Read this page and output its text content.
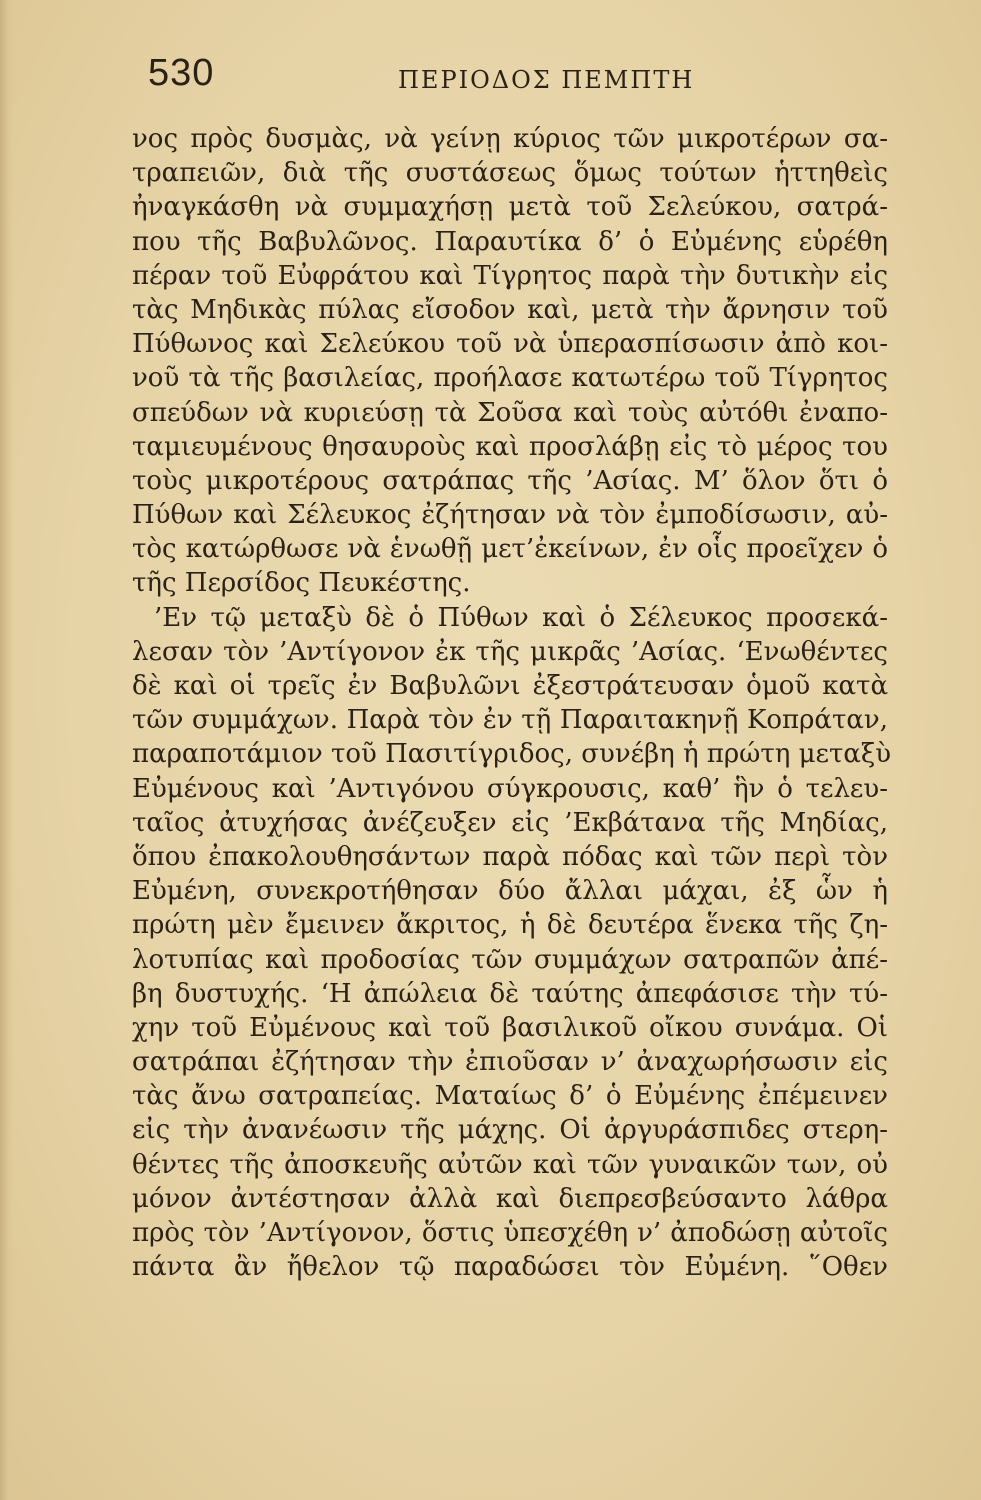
530	ΠΕΡΙΟΔΟΣ ΠΕΜΠΤΗ
νος πρὸς δυσμὰς, νὰ γείνῃ κύριος τῶν μικροτέρων σα-
τραπειῶν, διὰ τῆς συστάσεως ὅμως τούτων ἡττηθεὶς
ἠναγκάσθη νὰ συμμαχήσῃ μετὰ τοῦ Σελεύκου, σατρά-
που τῆς Βαβυλῶνος. Παραυτίκα δ’ ὁ Εὐμένης εὑρέθη
πέραν τοῦ Εὐφράτου καὶ Τίγρητος παρὰ τὴν δυτικὴν εἰς
τὰς Μηδικὰς πύλας εἴσοδον καὶ, μετὰ τὴν ἄρνησιν τοῦ
Πύθωνος καὶ Σελεύκου τοῦ νὰ ὑπερασπίσωσιν ἀπὸ κοι-
νοῦ τὰ τῆς βασιλείας, προήλασε κατωτέρω τοῦ Τίγρητος
σπεύδων νὰ κυριεύσῃ τὰ Σοῦσα καὶ τοὺς αὐτόθι ἐναπο-
ταμιευμένους θησαυροὺς καὶ προσλάβῃ εἰς τὸ μέρος του
τοὺς μικροτέρους σατράπας τῆς ’Ασίας. Μ’ ὅλον ὅτι ὁ
Πύθων καὶ Σέλευκος ἐζήτησαν νὰ τὸν ἐμποδίσωσιν, αὐ-
τὸς κατώρθωσε νὰ ἑνωθῇ μετ’ἐκείνων, ἐν οἷς προεῖχεν ὁ
τῆς Περσίδος Πευκέστης.
’Εν τῷ μεταξὺ δὲ ὁ Πύθων καὶ ὁ Σέλευκος προσεκά-
λεσαν τὸν ’Αντίγονον ἐκ τῆς μικρᾶς ’Ασίας. ‘Ενωθέντες
δὲ καὶ οἱ τρεῖς ἐν Βαβυλῶνι ἐξεστράτευσαν ὁμοῦ κατὰ
τῶν συμμάχων. Παρὰ τὸν ἐν τῇ Παραιτακηνῇ Κοπράταν,
παραποτάμιον τοῦ Πασιτίγριδος, συνέβη ἡ πρώτη μεταξὺ
Εὐμένους καὶ ’Αντιγόνου σύγκρουσις, καθ’ ἣν ὁ τελευ-
ταῖος ἀτυχήσας ἀνέζευξεν εἰς ’Εκβάτανα τῆς Μηδίας,
ὅπου ἐπακολουθησάντων παρὰ πόδας καὶ τῶν περὶ τὸν
Εὐμένη, συνεκροτήθησαν δύο ἄλλαι μάχαι, ἐξ ὧν ἡ
πρώτη μὲν ἔμεινεν ἄκριτος, ἡ δὲ δευτέρα ἕνεκα τῆς ζη-
λοτυπίας καὶ προδοσίας τῶν συμμάχων σατραπῶν ἀπέ-
βη δυστυχής. ‘Η ἀπώλεια δὲ ταύτης ἀπεφάσισε τὴν τύ-
χην τοῦ Εὐμένους καὶ τοῦ βασιλικοῦ οἴκου συνάμα. Οἱ
σατράπαι ἐζήτησαν τὴν ἐπιοῦσαν ν’ ἀναχωρήσωσιν εἰς
τὰς ἄνω σατραπείας. Ματαίως δ’ ὁ Εὐμένης ἐπέμεινεν
εἰς τὴν ἀνανέωσιν τῆς μάχης. Οἱ ἀργυράσπιδες στερη-
θέντες τῆς ἀποσκευῆς αὐτῶν καὶ τῶν γυναικῶν των, οὐ
μόνον ἀντέστησαν ἀλλὰ καὶ διεπρεσβεύσαντο λάθρα
πρὸς τὸν ’Αντίγονον, ὅστις ὑπεσχέθη ν’ ἀποδώσῃ αὐτοῖς
πάντα ἂν ἤθελον τῷ παραδώσει τὸν Εὐμένη. ῞Οθεν
